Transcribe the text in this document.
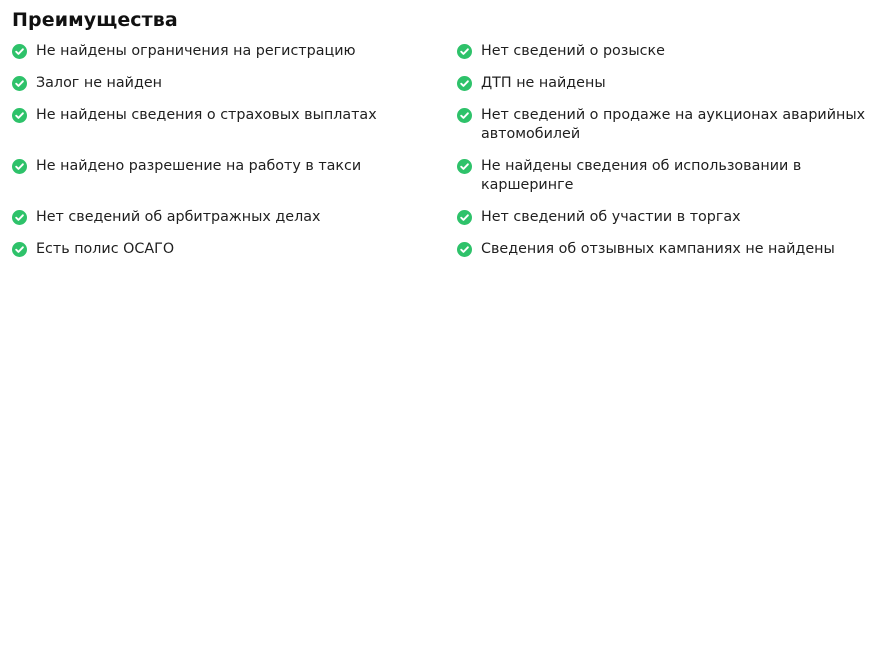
Преимущества
Не найдены ограничения на регистрацию	Нет сведений о розыске
Залог не найден	ДТП не найдены
Не найдены сведения о страховых выплатах	Нет сведений о продаже на аукционах аварийных автомобилей
Не найдено разрешение на работу в такси	Не найдены сведения об использовании в каршеринге
Нет сведений об арбитражных делах	Нет сведений об участии в торгах
Есть полис ОСАГО	Сведения об отзывных кампаниях не найдены
